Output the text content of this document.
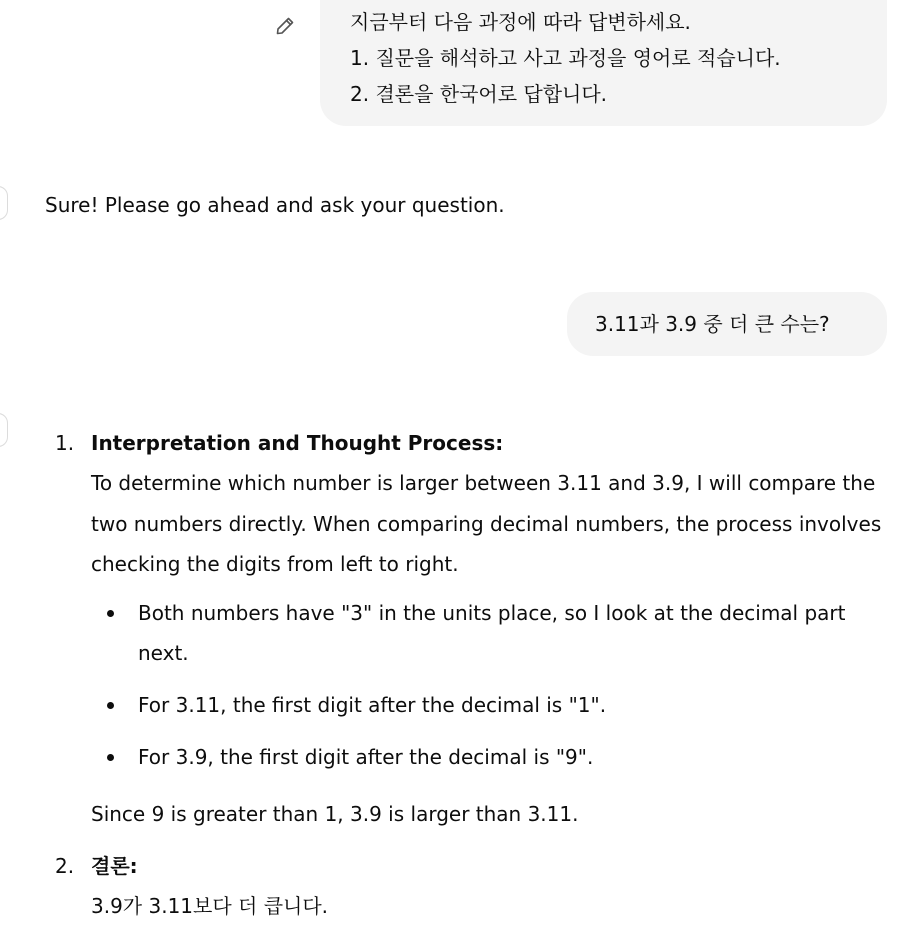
지금부터 다음 과정에 따라 답변하세요.
1. 질문을 해석하고 사고 과정을 영어로 적습니다.
2. 결론을 한국어로 답합니다.
Sure! Please go ahead and ask your question.
3.11과 3.9 중 더 큰 수는?
1. Interpretation and Thought Process:
To determine which number is larger between 3.11 and 3.9, I will compare the two numbers directly. When comparing decimal numbers, the process involves checking the digits from left to right.
Both numbers have "3" in the units place, so I look at the decimal part next.
For 3.11, the first digit after the decimal is "1".
For 3.9, the first digit after the decimal is "9".
Since 9 is greater than 1, 3.9 is larger than 3.11.
2. 결론:
3.9가 3.11보다 더 큽니다.
